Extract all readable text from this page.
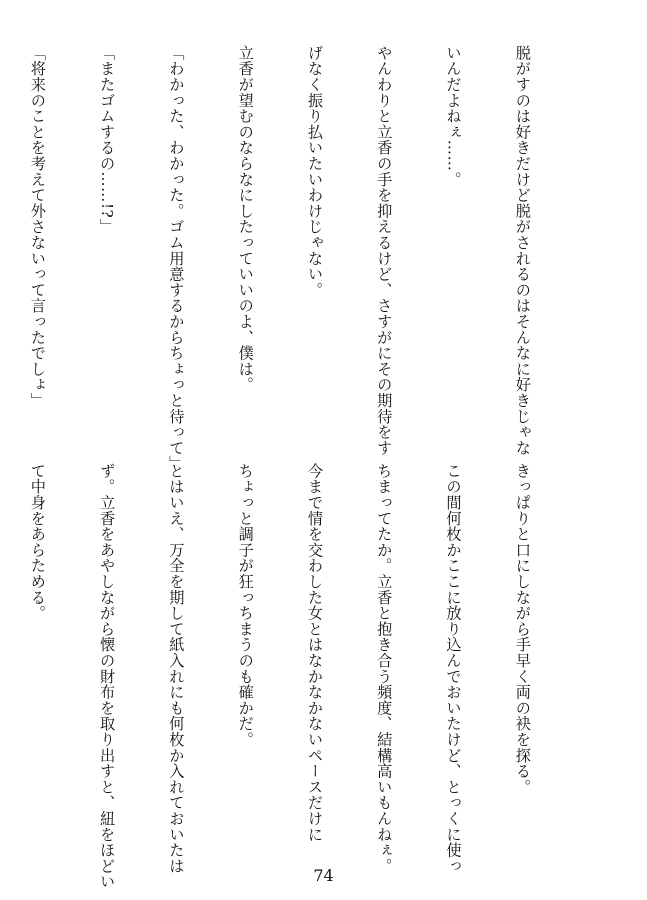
脱がすのは好きだけど脱がされるのはそんなに好きじゃな

いんだよねぇ……。

やんわりと立香の手を抑えるけど、さすがにその期待をす

げなく振り払いたいわけじゃない。

立香が望むのならなにしたっていいのよ、僕は。

「わかった、わかった。ゴム用意するからちょっと待って」

「またゴムするの……!?」

「将来のことを考えて外さないって言ったでしょ」

きっぱりと口にしながら手早く両の袂を探る。

この間何枚かここに放り込んでおいたけど、とっくに使っ

ちまってたか。立香と抱き合う頻度、結構高いもんねぇ。

今まで情を交わした女とはなかなかないペースだけに

ちょっと調子が狂っちまうのも確かだ。

とはいえ、万全を期して紙入れにも何枚か入れておいたは

ず。立香をあやしながら懐の財布を取り出すと、紐をほどい

て中身をあらためる。

74
